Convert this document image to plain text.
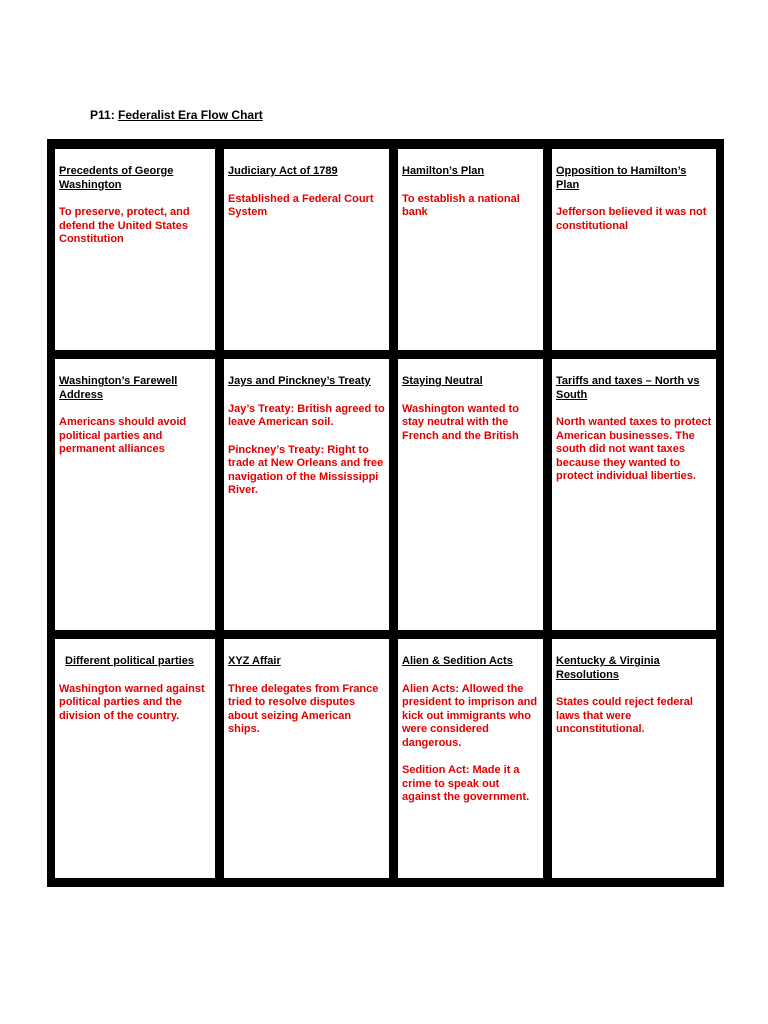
P11: Federalist Era Flow Chart
Precedents of George Washington
To preserve, protect, and defend the United States Constitution
Judiciary Act of 1789
Established a Federal Court System
Hamilton’s Plan
To establish a national bank
Opposition to Hamilton’s Plan
Jefferson believed it was not constitutional
Washington’s Farewell Address
Americans should avoid political parties and permanent alliances
Jays and Pinckney’s Treaty
Jay’s Treaty: British agreed to leave American soil.
Pinckney’s Treaty: Right to trade at New Orleans and free navigation of the Mississippi River.
Staying Neutral
Washington wanted to stay neutral with the French and the British
Tariffs and taxes – North vs South
North wanted taxes to protect American businesses. The south did not want taxes because they wanted to protect individual liberties.
Different political parties
Washington warned against political parties and the division of the country.
XYZ Affair
Three delegates from France tried to resolve disputes about seizing American ships.
Alien & Sedition Acts
Alien Acts: Allowed the president to imprison and kick out immigrants who were considered dangerous.
Sedition Act: Made it a crime to speak out against the government.
Kentucky & Virginia Resolutions
States could reject federal laws that were unconstitutional.
